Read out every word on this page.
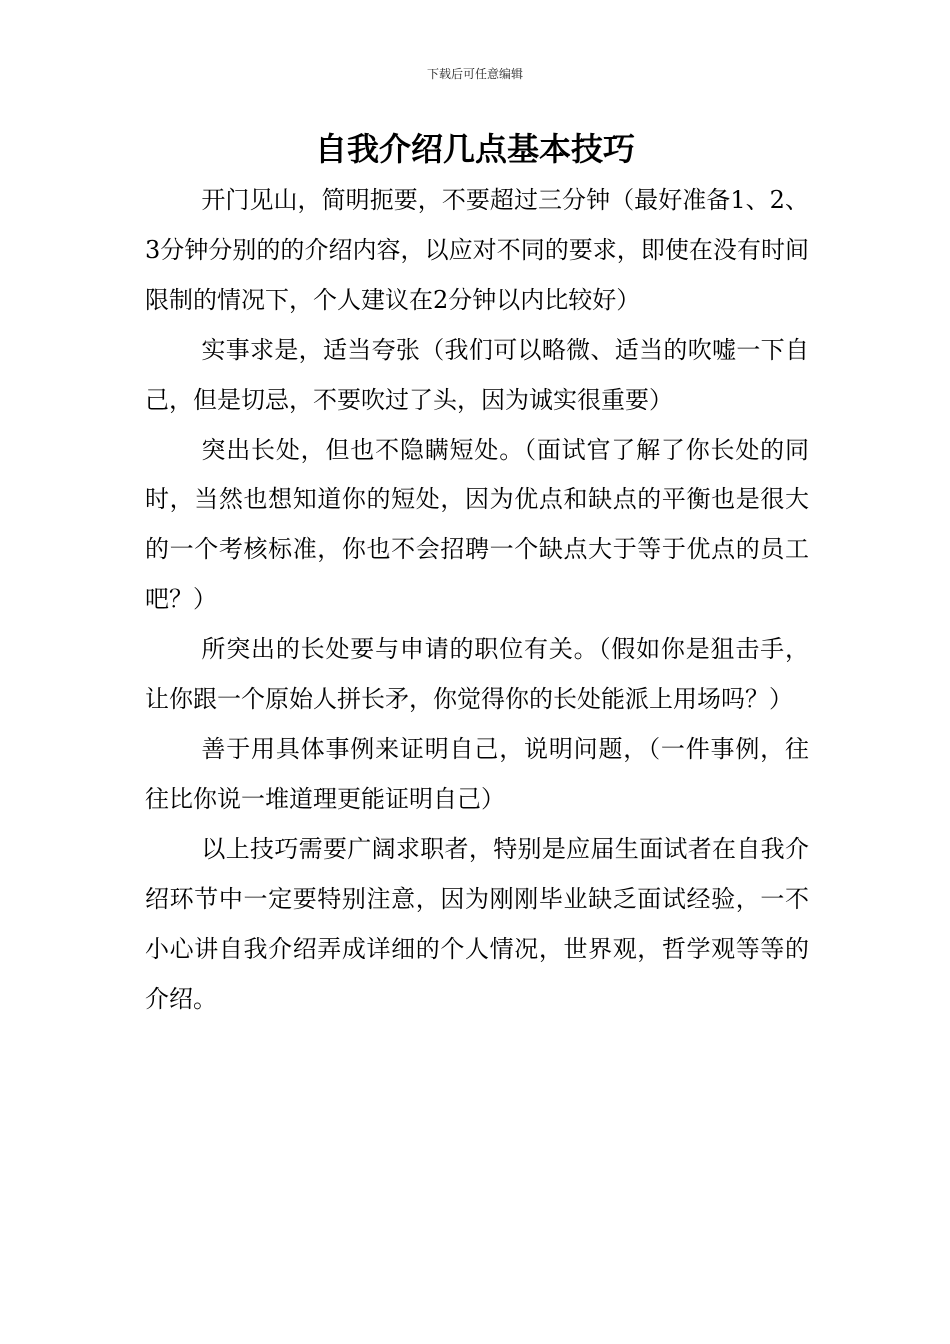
下载后可任意编辑
自我介绍几点基本技巧

开门见山，简明扼要，不要超过三分钟（最好准备1、2、3分钟分别的的介绍内容，以应对不同的要求，即使在没有时间限制的情况下，个人建议在2分钟以内比较好）

实事求是，适当夸张（我们可以略微、适当的吹嘘一下自己，但是切忌，不要吹过了头，因为诚实很重要）

突出长处，但也不隐瞒短处。（面试官了解了你长处的同时，当然也想知道你的短处，因为优点和缺点的平衡也是很大的一个考核标准，你也不会招聘一个缺点大于等于优点的员工吧？）

所突出的长处要与申请的职位有关。（假如你是狙击手，让你跟一个原始人拼长矛，你觉得你的长处能派上用场吗？）

善于用具体事例来证明自己，说明问题，（一件事例，往往比你说一堆道理更能证明自己）

以上技巧需要广阔求职者，特别是应届生面试者在自我介绍环节中一定要特别注意，因为刚刚毕业缺乏面试经验，一不小心讲自我介绍弄成详细的个人情况，世界观，哲学观等等的介绍。
